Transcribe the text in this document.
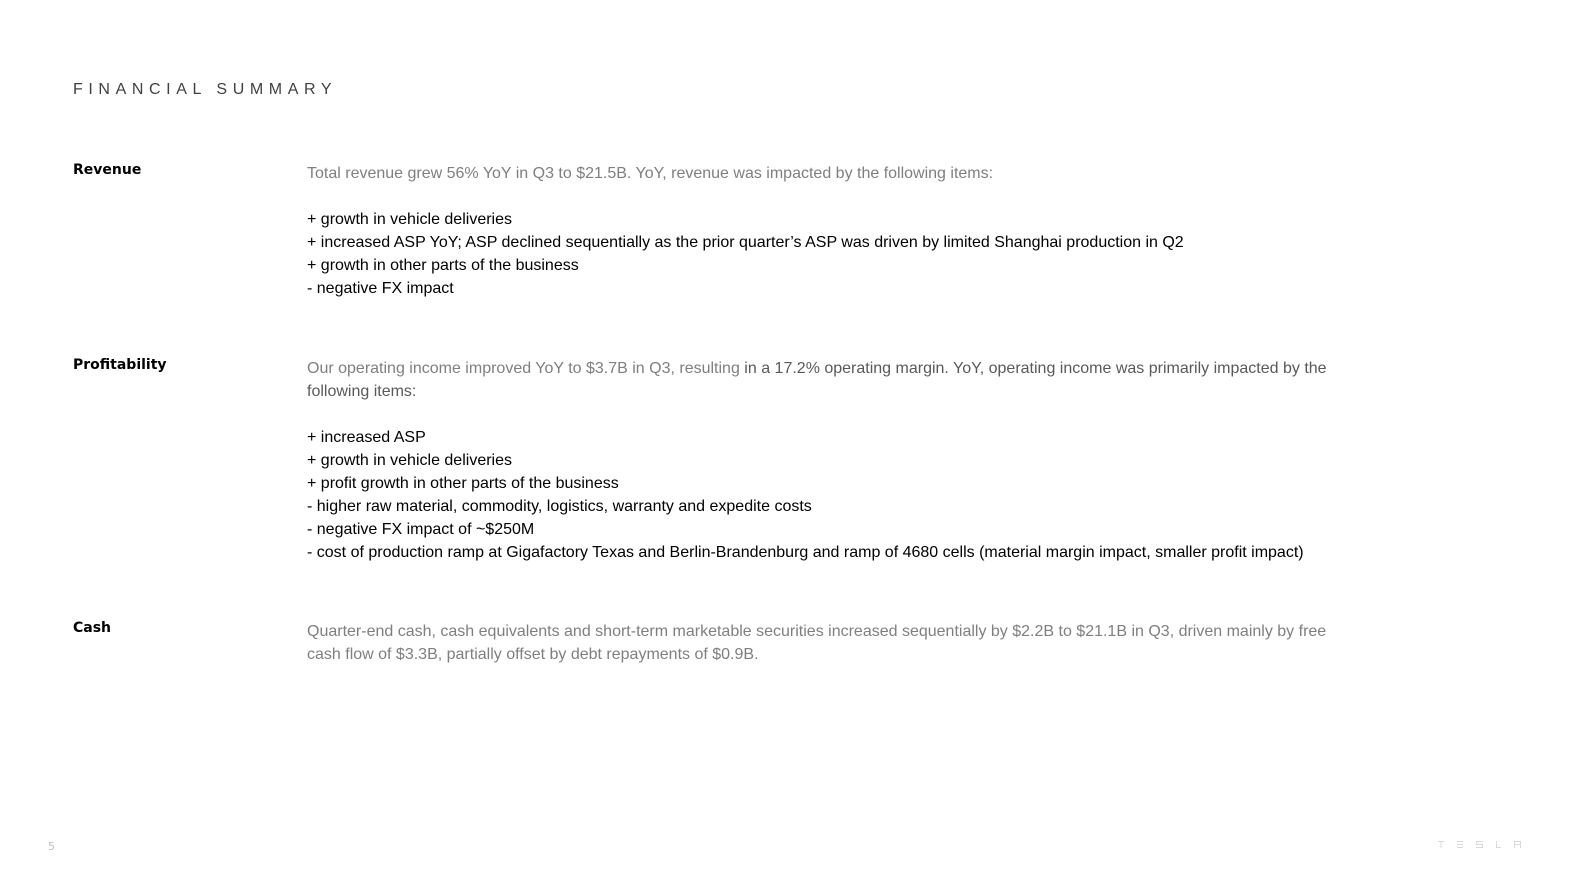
FINANCIAL SUMMARY
Revenue	Total revenue grew 56% YoY in Q3 to $21.5B. YoY, revenue was impacted by the following items:

+ growth in vehicle deliveries
+ increased ASP YoY; ASP declined sequentially as the prior quarter’s ASP was driven by limited Shanghai production in Q2
+ growth in other parts of the business
- negative FX impact
Profitability	Our operating income improved YoY to $3.7B in Q3, resulting in a 17.2% operating margin. YoY, operating income was primarily impacted by the following items:

+ increased ASP
+ growth in vehicle deliveries
+ profit growth in other parts of the business
- higher raw material, commodity, logistics, warranty and expedite costs
- negative FX impact of ~$250M
- cost of production ramp at Gigafactory Texas and Berlin-Brandenburg and ramp of 4680 cells (material margin impact, smaller profit impact)
Cash	Quarter-end cash, cash equivalents and short-term marketable securities increased sequentially by $2.2B to $21.1B in Q3, driven mainly by free cash flow of $3.3B, partially offset by debt repayments of $0.9B.

5
